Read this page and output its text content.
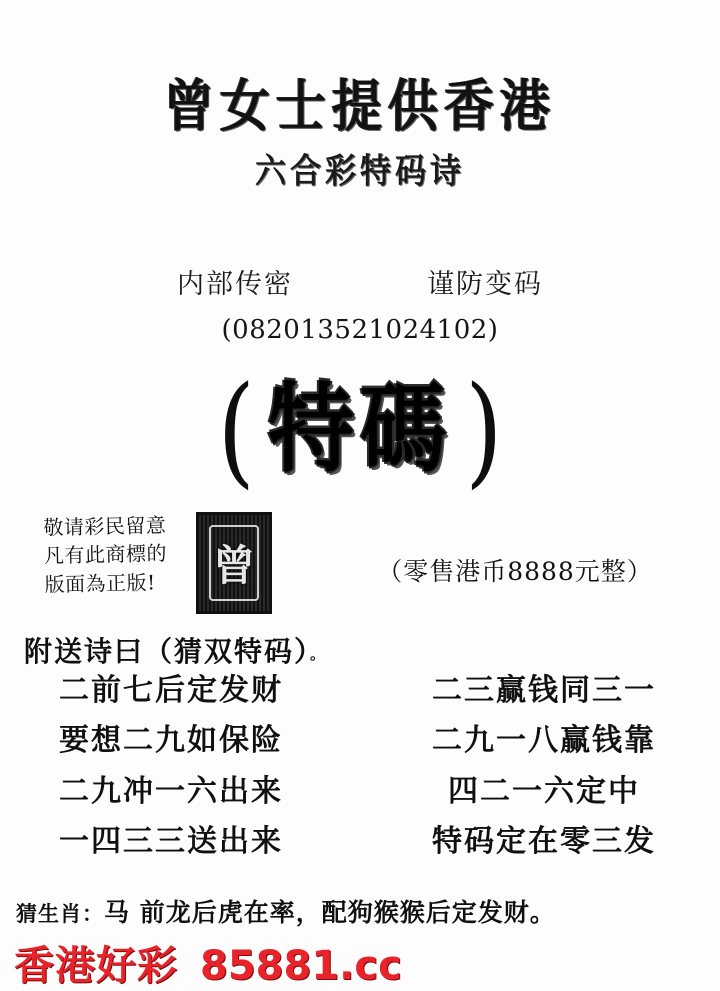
曾女士提供香港
六合彩特码诗
内部传密	谨防变码
(082013521024102)
( 特碼 )
敬请彩民留意
凡有此商標的
版面為正版!	曾	（零售港币8888元整）
附送诗曰（猜双特码）。
二前七后定发财	二三赢钱同三一
要想二九如保险	二九一八赢钱靠
二九冲一六出来	四二一六定中
一四三三送出来	特码定在零三发
猜生肖：马 前龙后虎在率，配狗猴猴后定发财。
香港好彩 85881.cc
